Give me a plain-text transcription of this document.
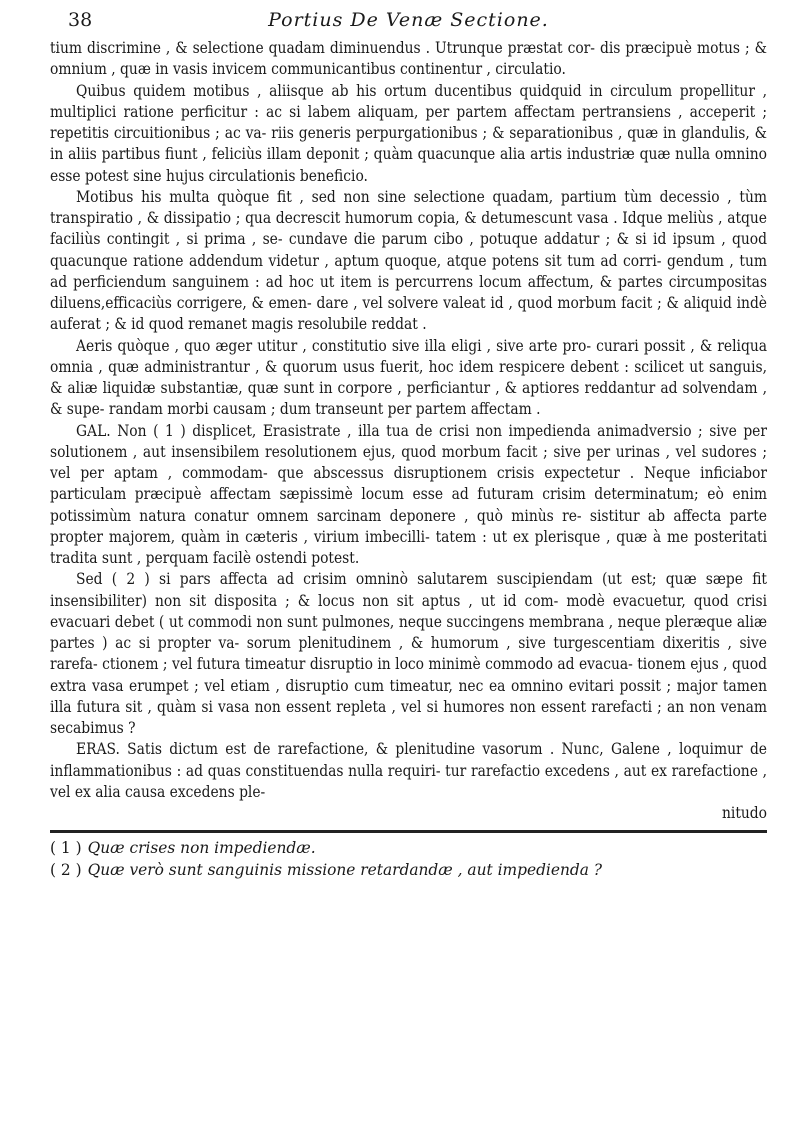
38	Portius De Venæ Sectione.

tium discrimine , & selectione quadam diminuendus . Utrunque præstat cor- dis præcipuè motus ; & omnium , quæ in vasis invicem communicantibus continentur , circulatio.

Quibus quidem motibus , aliisque ab his ortum ducentibus quidquid in circulum propellitur , multiplici ratione perficitur : ac si labem aliquam, per partem affectam pertransiens , acceperit ; repetitis circuitionibus ; ac va- riis generis perpurgationibus ; & separationibus , quæ in glandulis, & in aliis partibus fiunt , feliciùs illam deponit ; quàm quacunque alia artis industriæ quæ nulla omnino esse potest sine hujus circulationis beneficio.

Motibus his multa quòque fit , sed non sine selectione quadam, partium tùm decessio , tùm transpiratio , & dissipatio ; qua decrescit humorum copia, & detumescunt vasa . Idque meliùs , atque faciliùs contingit , si prima , se- cundave die parum cibo , potuque addatur ; & si id ipsum , quod quacunque ratione addendum videtur , aptum quoque, atque potens sit tum ad corri- gendum , tum ad perficiendum sanguinem : ad hoc ut item is percurrens locum affectum, & partes circumpositas diluens,efficaciùs corrigere, & emen- dare , vel solvere valeat id , quod morbum facit ; & aliquid indè auferat ; & id quod remanet magis resolubile reddat .

Aeris quòque , quo æger utitur , constitutio sive illa eligi , sive arte pro- curari possit , & reliqua omnia , quæ administrantur , & quorum usus fuerit, hoc idem respicere debent : scilicet ut sanguis, & aliæ liquidæ substantiæ, quæ sunt in corpore , perficiantur , & aptiores reddantur ad solvendam , & supe- randam morbi causam ; dum transeunt per partem affectam .

GAL. Non ( 1 ) displicet, Erasistrate , illa tua de crisi non impedienda animadversio ; sive per solutionem , aut insensibilem resolutionem ejus, quod morbum facit ; sive per urinas , vel sudores ; vel per aptam , commodam- que abscessus disruptionem crisis expectetur . Neque inficiabor particulam præcipuè affectam sæpissimè locum esse ad futuram crisim determinatum; eò enim potissimùm natura conatur omnem sarcinam deponere , quò minùs re- sistitur ab affecta parte propter majorem, quàm in cæteris , virium imbecilli- tatem : ut ex plerisque , quæ à me posteritati tradita sunt , perquam facilè ostendi potest.

Sed ( 2 ) si pars affecta ad crisim omninò salutarem suscipiendam (ut est; quæ sæpe fit insensibiliter) non sit disposita ; & locus non sit aptus , ut id com- modè evacuetur, quod crisi evacuari debet ( ut commodi non sunt pulmones, neque succingens membrana , neque pleræque aliæ partes ) ac si propter va- sorum plenitudinem , & humorum , sive turgescentiam dixeritis , sive rarefa- ctionem ; vel futura timeatur disruptio in loco minimè commodo ad evacua- tionem ejus , quod extra vasa erumpet ; vel etiam , disruptio cum timeatur, nec ea omnino evitari possit ; major tamen illa futura sit , quàm si vasa non essent repleta , vel si humores non essent rarefacti ; an non venam secabimus ?

ERAS. Satis dictum est de rarefactione, & plenitudine vasorum . Nunc, Galene , loquimur de inflammationibus : ad quas constituendas nulla requiri- tur rarefactio excedens , aut ex rarefactione , vel ex alia causa excedens ple-

nitudo

( 1 ) Quæ crises non impediendæ.

( 2 ) Quæ verò sunt sanguinis missione retardandæ , aut impedienda ?
